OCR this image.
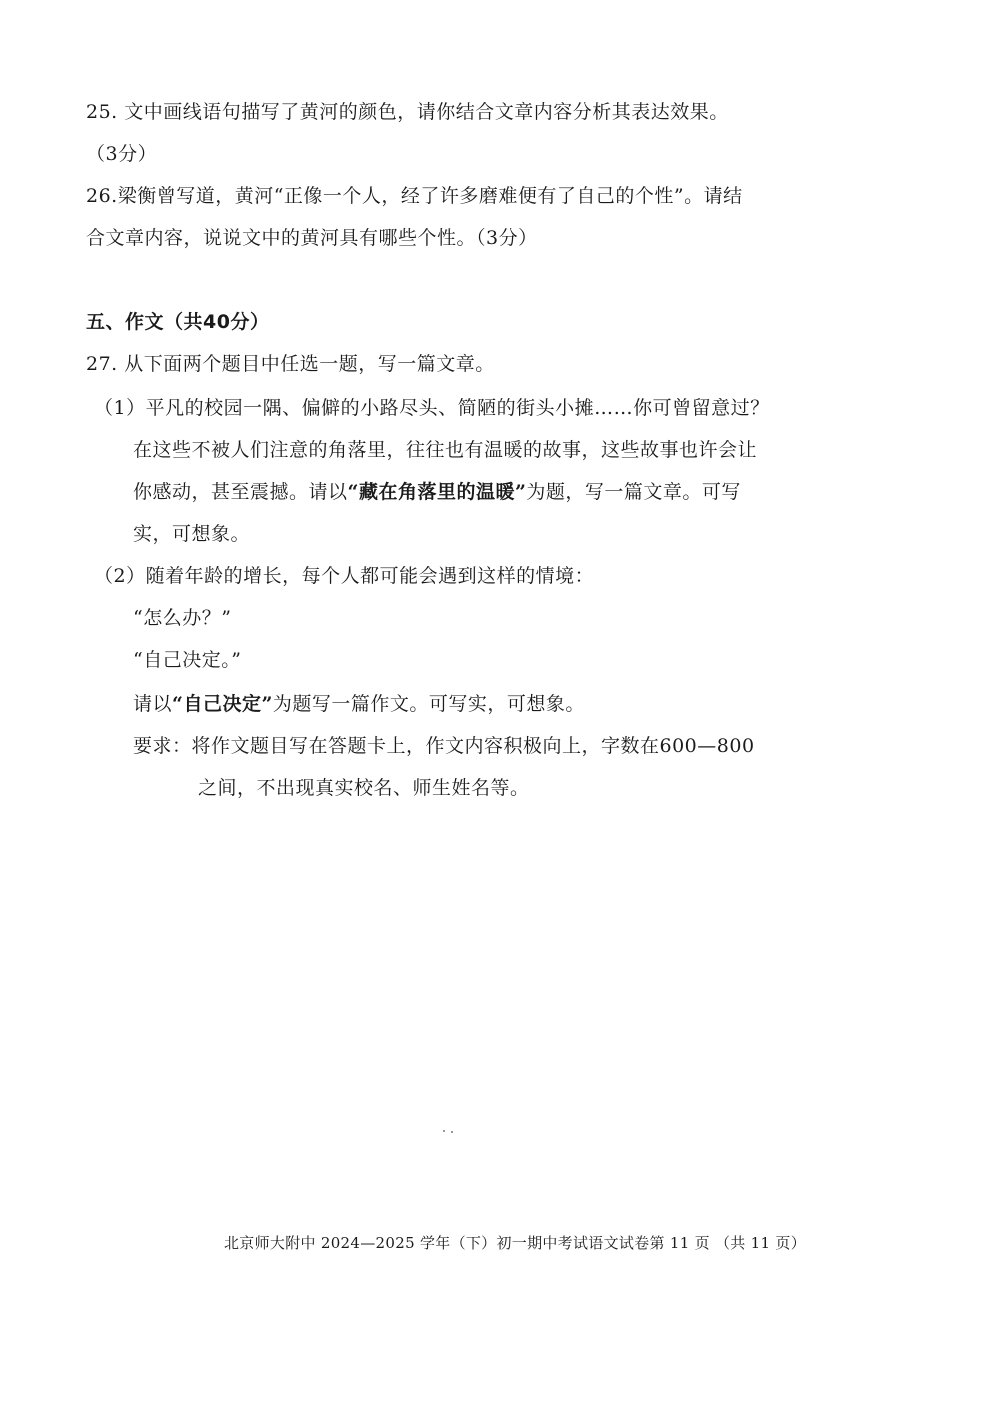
25. 文中画线语句描写了黄河的颜色，请你结合文章内容分析其表达效果。
（3分）
26.梁衡曾写道，黄河“正像一个人，经了许多磨难便有了自己的个性”。请结
合文章内容，说说文中的黄河具有哪些个性。（3分）
五、作文（共40分）
27. 从下面两个题目中任选一题，写一篇文章。
（1）平凡的校园一隅、偏僻的小路尽头、简陋的街头小摊……你可曾留意过？
在这些不被人们注意的角落里，往往也有温暖的故事，这些故事也许会让
你感动，甚至震撼。请以“藏在角落里的温暖”为题，写一篇文章。可写
实，可想象。
（2）随着年龄的增长，每个人都可能会遇到这样的情境：
“怎么办？”
“自己决定。”
请以“自己决定”为题写一篇作文。可写实，可想象。
要求：将作文题目写在答题卡上，作文内容积极向上，字数在600—800
之间，不出现真实校名、师生姓名等。
北京师大附中 2024—2025 学年（下）初一期中考试语文试卷第 11 页 （共 11 页）
